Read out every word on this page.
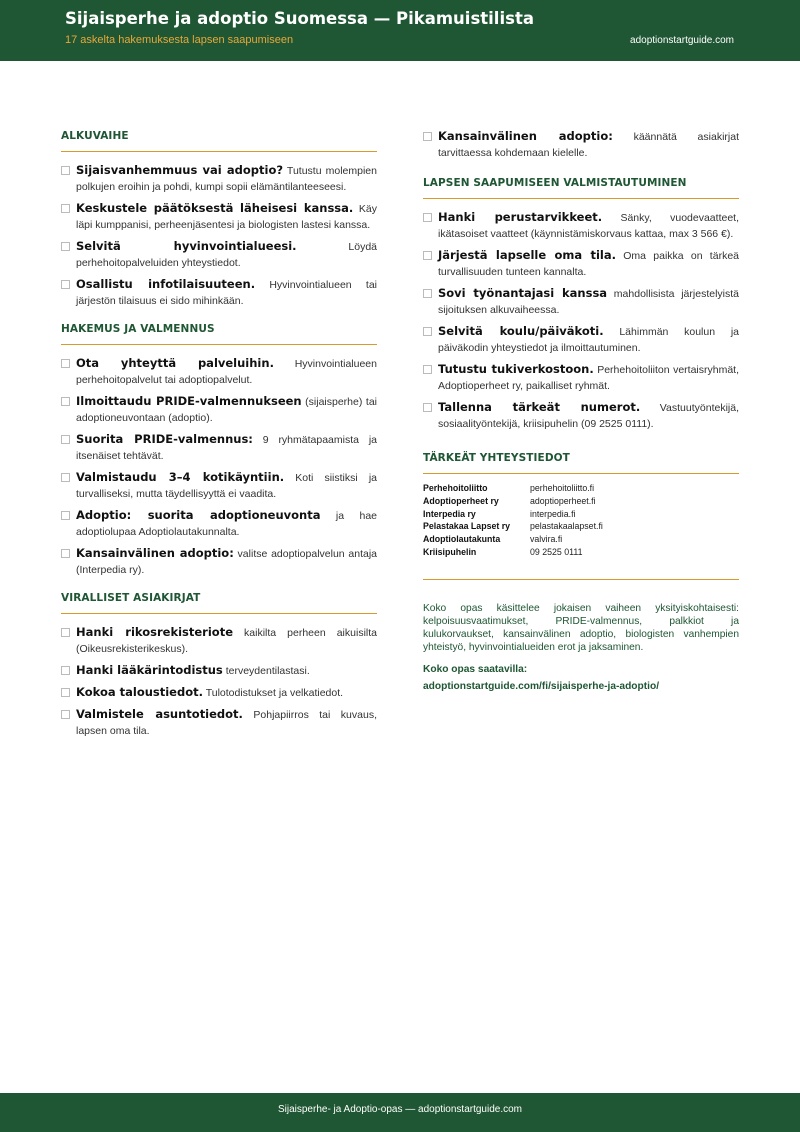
Sijaisperhe ja adoptio Suomessa — Pikamuistilista
17 askelta hakemuksesta lapsen saapumiseen	adoptionstartguide.com
ALKUVAIHE
Sijaisvanhemmuus vai adoptio? Tutustu molempien polkujen eroihin ja pohdi, kumpi sopii elämäntilanteeseesi.
Keskustele päätöksestä läheisesi kanssa. Käy läpi kumppanisi, perheenjäsentesi ja biologisten lastesi kanssa.
Selvitä hyvinvointialueesi. Löydä perhehoitopalveluiden yhteystiedot.
Osallistu infotilaisuuteen. Hyvinvointialueen tai järjestön tilaisuus ei sido mihinkään.
HAKEMUS JA VALMENNUS
Ota yhteyttä palveluihin. Hyvinvointialueen perhehoitopalvelut tai adoptiopalvelut.
Ilmoittaudu PRIDE-valmennukseen (sijaisperhe) tai adoptioneuvontaan (adoptio).
Suorita PRIDE-valmennus: 9 ryhmätapaamista ja itsenäiset tehtävät.
Valmistaudu 3–4 kotikäyntiin. Koti siistiksi ja turvalliseksi, mutta täydellisyyttä ei vaadita.
Adoptio: suorita adoptioneuvonta ja hae adoptiolupaa Adoptiolautakunnalta.
Kansainvälinen adoptio: valitse adoptiopalvelun antaja (Interpedia ry).
VIRALLISET ASIAKIRJAT
Hanki rikosrekisteriote kaikilta perheen aikuisilta (Oikeusrekisterikeskus).
Hanki lääkärintodistus terveydentilastasi.
Kokoa taloustiedot. Tulotodistukset ja velkatiedot.
Valmistele asuntotiedot. Pohjapiirros tai kuvaus, lapsen oma tila.
Kansainvälinen adoptio: käännätä asiakirjat tarvittaessa kohdemaan kielelle.
LAPSEN SAAPUMISEEN VALMISTAUTUMINEN
Hanki perustarvikkeet. Sänky, vuodevaatteet, ikätasoiset vaatteet (käynnistämiskorvaus kattaa, max 3 566 €).
Järjestä lapselle oma tila. Oma paikka on tärkeä turvallisuuden tunteen kannalta.
Sovi työnantajasi kanssa mahdollisista järjestelyistä sijoituksen alkuvaiheessa.
Selvitä koulu/päiväkoti. Lähimmän koulun ja päiväkodin yhteystiedot ja ilmoittautuminen.
Tutustu tukiverkostoon. Perhehoitoliiton vertaisryhmät, Adoptioperheet ry, paikalliset ryhmät.
Tallenna tärkeät numerot. Vastuutyöntekijä, sosiaalityöntekijä, kriisipuhelin (09 2525 0111).
TÄRKEÄT YHTEYSTIEDOT
Perhehoitoliitto	perhehoitoliitto.fi
Adoptioperheet ry	adoptioperheet.fi
Interpedia ry	interpedia.fi
Pelastakaa Lapset ry	pelastakaalapset.fi
Adoptiolautakunta	valvira.fi
Kriisipuhelin	09 2525 0111
Koko opas käsittelee jokaisen vaiheen yksityiskohtaisesti: kelpoisuusvaatimukset, PRIDE-valmennus, palkkiot ja kulukorvaukset, kansainvälinen adoptio, biologisten vanhempien yhteistyö, hyvinvointialueiden erot ja jaksaminen.
Koko opas saatavilla:
adoptionstartguide.com/fi/sijaisperhe-ja-adoptio/
Sijaisperhe- ja Adoptio-opas — adoptionstartguide.com
